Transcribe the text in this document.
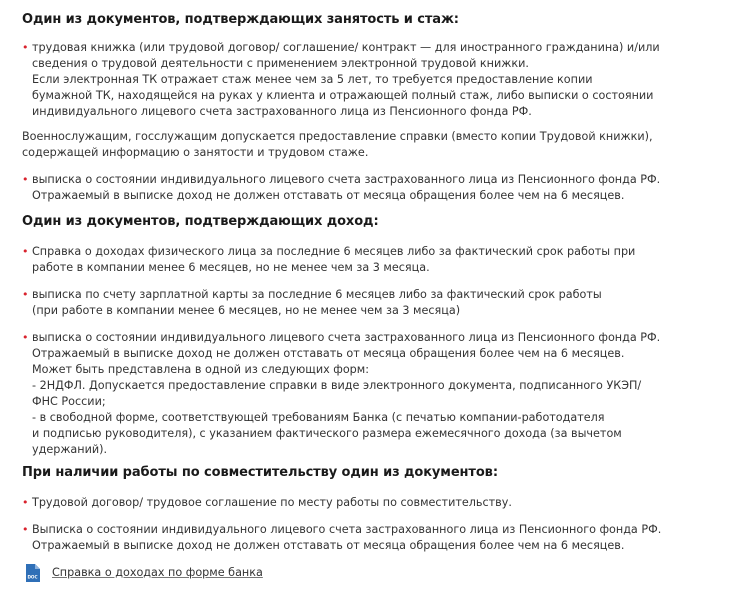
Один из документов, подтверждающих занятость и стаж:
• трудовая книжка (или трудовой договор/ соглашение/ контракт — для иностранного гражданина) и/или
сведения о трудовой деятельности с применением электронной трудовой книжки.
Если электронная ТК отражает стаж менее чем за 5 лет, то требуется предоставление копии
бумажной ТК, находящейся на руках у клиента и отражающей полный стаж, либо выписки о состоянии
индивидуального лицевого счета застрахованного лица из Пенсионного фонда РФ.
Военнослужащим, госслужащим допускается предоставление справки (вместо копии Трудовой книжки),
содержащей информацию о занятости и трудовом стаже.
• выписка о состоянии индивидуального лицевого счета застрахованного лица из Пенсионного фонда РФ.
Отражаемый в выписке доход не должен отставать от месяца обращения более чем на 6 месяцев.
Один из документов, подтверждающих доход:
• Справка о доходах физического лица за последние 6 месяцев либо за фактический срок работы при
работе в компании менее 6 месяцев, но не менее чем за 3 месяца.
• выписка по счету зарплатной карты за последние 6 месяцев либо за фактический срок работы
(при работе в компании менее 6 месяцев, но не менее чем за 3 месяца)
• выписка о состоянии индивидуального лицевого счета застрахованного лица из Пенсионного фонда РФ.
Отражаемый в выписке доход не должен отставать от месяца обращения более чем на 6 месяцев.
Может быть представлена в одной из следующих форм:
- 2НДФЛ. Допускается предоставление справки в виде электронного документа, подписанного УКЭП/
ФНС России;
- в свободной форме, соответствующей требованиям Банка (с печатью компании-работодателя
и подписью руководителя), с указанием фактического размера ежемесячного дохода (за вычетом
удержаний).
При наличии работы по совместительству один из документов:
• Трудовой договор/ трудовое соглашение по месту работы по совместительству.
• Выписка о состоянии индивидуального лицевого счета застрахованного лица из Пенсионного фонда РФ.
Отражаемый в выписке доход не должен отставать от месяца обращения более чем на 6 месяцев.
DOC Справка о доходах по форме банка
